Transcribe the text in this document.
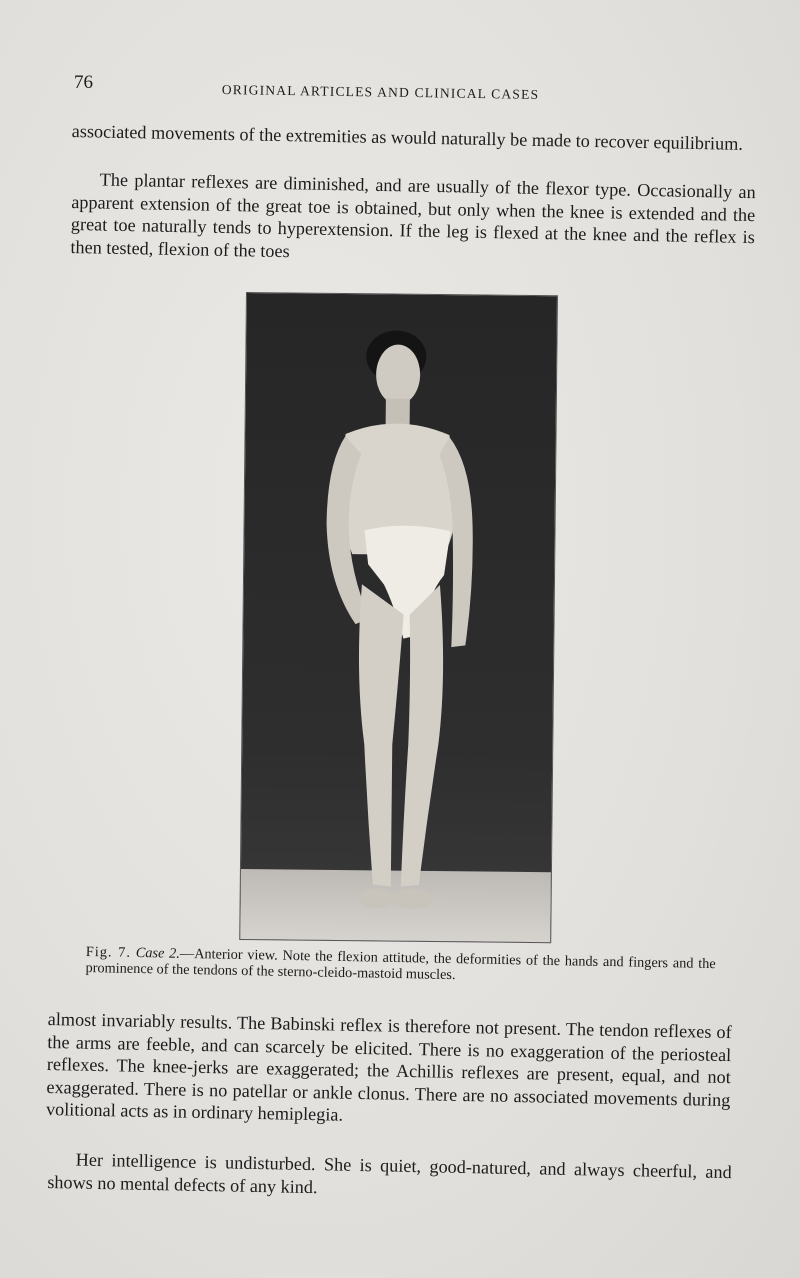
76	ORIGINAL ARTICLES AND CLINICAL CASES

associated movements of the extremities as would naturally be made to recover equilibrium.

The plantar reflexes are diminished, and are usually of the flexor type. Occasionally an apparent extension of the great toe is obtained, but only when the knee is extended and the great toe naturally tends to hyperextension. If the leg is flexed at the knee and the reflex is then tested, flexion of the toes

Fig. 7. Case 2.—Anterior view. Note the flexion attitude, the deformities of the hands and fingers and the prominence of the tendons of the sterno-cleido-mastoid muscles.

almost invariably results. The Babinski reflex is therefore not present. The tendon reflexes of the arms are feeble, and can scarcely be elicited. There is no exaggeration of the periosteal reflexes. The knee-jerks are exaggerated; the Achillis reflexes are present, equal, and not exaggerated. There is no patellar or ankle clonus. There are no associated movements during volitional acts as in ordinary hemiplegia.

Her intelligence is undisturbed. She is quiet, good-natured, and always cheerful, and shows no mental defects of any kind.
